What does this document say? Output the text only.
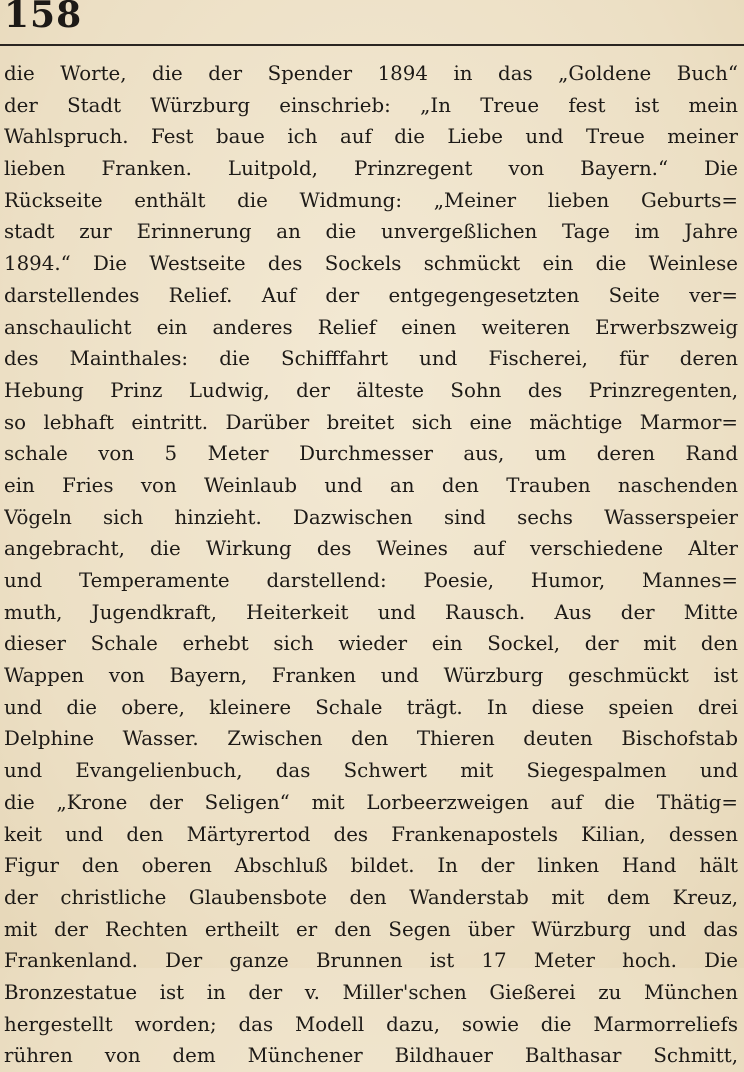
158
die Worte, die der Spender 1894 in das „Goldene Buch“
der Stadt Würzburg einschrieb: „In Treue fest ist mein
Wahlspruch. Fest baue ich auf die Liebe und Treue meiner
lieben Franken. Luitpold, Prinzregent von Bayern.“ Die
Rückseite enthält die Widmung: „Meiner lieben Geburts=
stadt zur Erinnerung an die unvergeßlichen Tage im Jahre
1894.“ Die Westseite des Sockels schmückt ein die Weinlese
darstellendes Relief. Auf der entgegengesetzten Seite ver=
anschaulicht ein anderes Relief einen weiteren Erwerbszweig
des Mainthales: die Schifffahrt und Fischerei, für deren
Hebung Prinz Ludwig, der älteste Sohn des Prinzregenten,
so lebhaft eintritt. Darüber breitet sich eine mächtige Marmor=
schale von 5 Meter Durchmesser aus, um deren Rand
ein Fries von Weinlaub und an den Trauben naschenden
Vögeln sich hinzieht. Dazwischen sind sechs Wasserspeier
angebracht, die Wirkung des Weines auf verschiedene Alter
und Temperamente darstellend: Poesie, Humor, Mannes=
muth, Jugendkraft, Heiterkeit und Rausch. Aus der Mitte
dieser Schale erhebt sich wieder ein Sockel, der mit den
Wappen von Bayern, Franken und Würzburg geschmückt ist
und die obere, kleinere Schale trägt. In diese speien drei
Delphine Wasser. Zwischen den Thieren deuten Bischofstab
und Evangelienbuch, das Schwert mit Siegespalmen und
die „Krone der Seligen“ mit Lorbeerzweigen auf die Thätig=
keit und den Märtyrertod des Frankenapostels Kilian, dessen
Figur den oberen Abschluß bildet. In der linken Hand hält
der christliche Glaubensbote den Wanderstab mit dem Kreuz,
mit der Rechten ertheilt er den Segen über Würzburg und das
Frankenland. Der ganze Brunnen ist 17 Meter hoch. Die
Bronzestatue ist in der v. Miller'schen Gießerei zu München
hergestellt worden; das Modell dazu, sowie die Marmorreliefs
rühren von dem Münchener Bildhauer Balthasar Schmitt,
